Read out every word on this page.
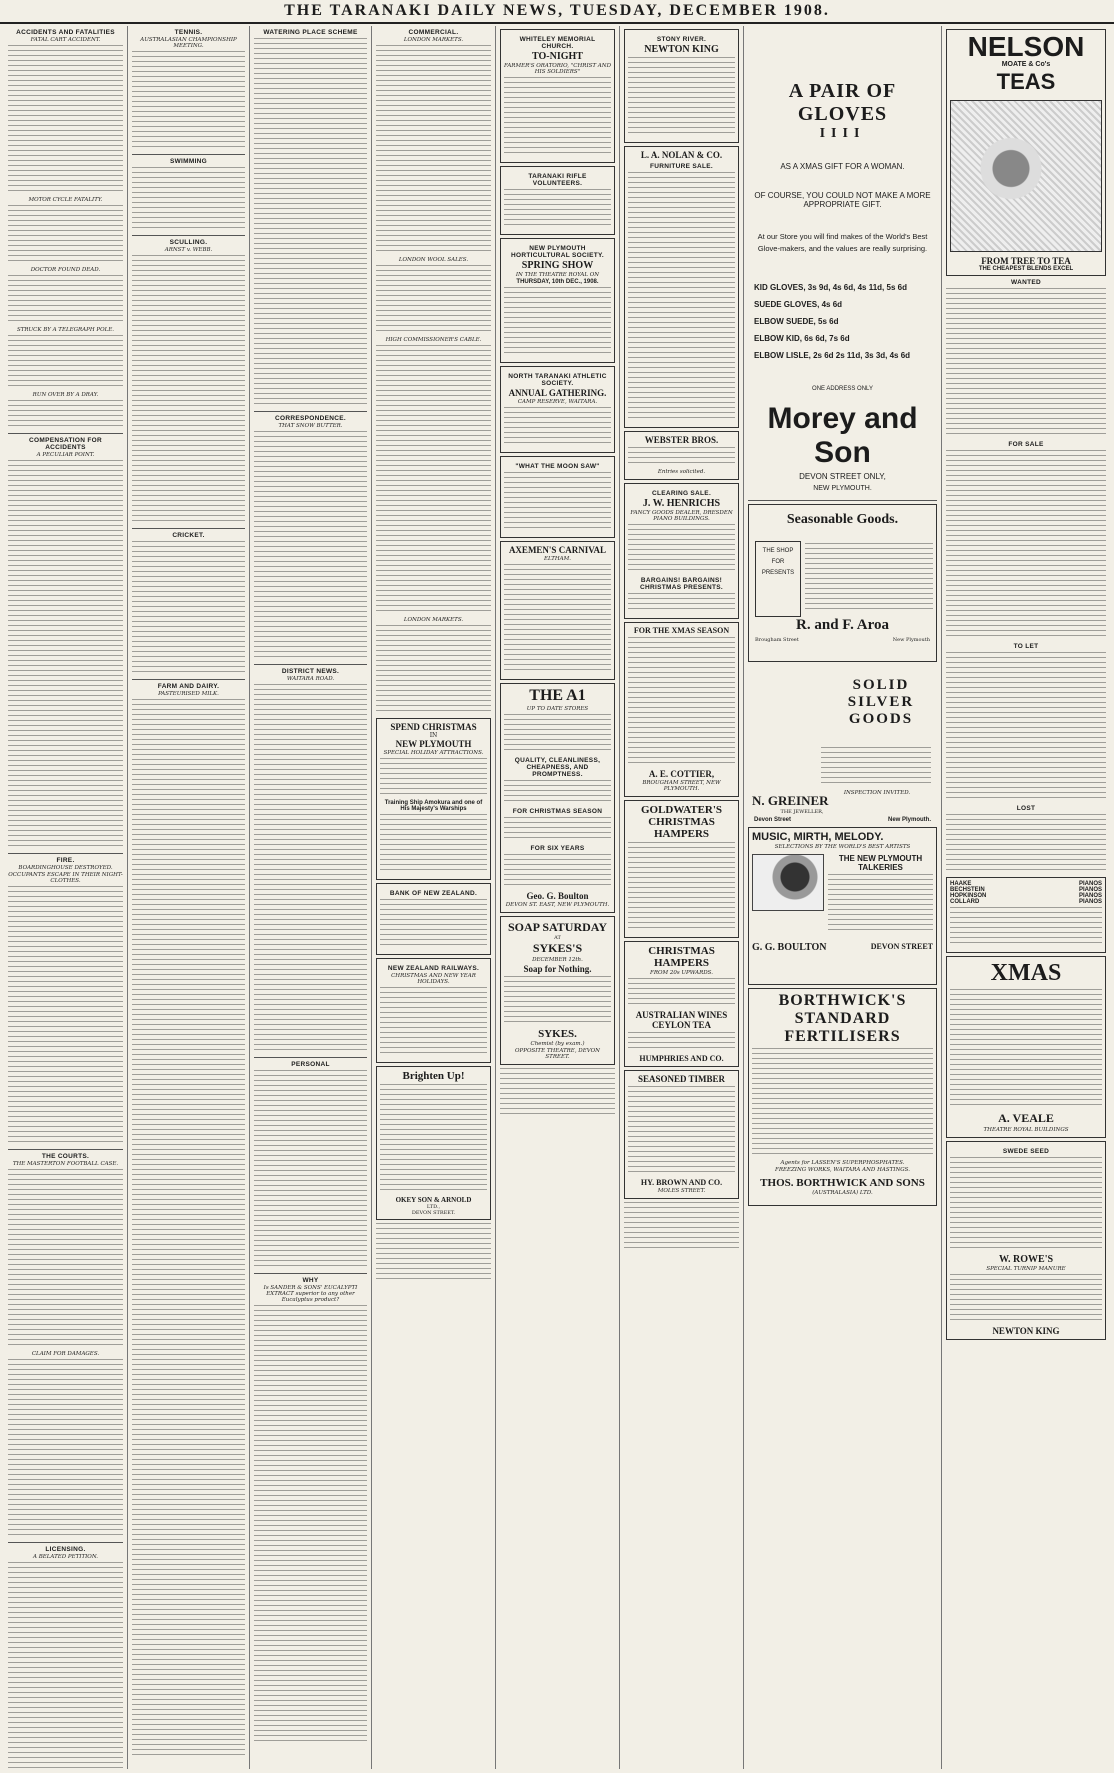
THE TARANAKI DAILY NEWS, TUESDAY, DECEMBER 1908.
ACCIDENTS AND FATALITIES
FATAL CART ACCIDENT.
MOTOR CYCLE FATALITY.
DOCTOR FOUND DEAD.
STRUCK BY A TELEGRAPH POLE.
RUN OVER BY A DRAY.
COMPENSATION FOR ACCIDENTS
A PECULIAR POINT.
FIRE.
BOARDINGHOUSE DESTROYED.
OCCUPANTS ESCAPE IN THEIR NIGHT-CLOTHES.
THE COURTS.
THE MASTERTON FOOTBALL CASE.
CLAIM FOR DAMAGES.
LICENSING.
A BELATED PETITION.
TENNIS.
AUSTRALASIAN CHAMPIONSHIP MEETING.
SWIMMING
SCULLING.
ARNST v. WEBB.
CRICKET.
FARM AND DAIRY.
PASTEURISED MILK.
WATERING PLACE SCHEME
CORRESPONDENCE.
THAT SNOW BUTTER.
DISTRICT NEWS.
WAITARA ROAD.
PERSONAL
WHY
Is SANDER & SONS' EUCALYPTI EXTRACT superior to any other Eucalyptus product?
COMMERCIAL.
LONDON MARKETS.
LONDON WOOL SALES.
HIGH COMMISSIONER'S CABLE.
LONDON MARKETS.
SPEND CHRISTMAS
IN
NEW PLYMOUTH
SPECIAL HOLIDAY ATTRACTIONS.
Training Ship Amokura and one of His Majesty's Warships
BANK OF NEW ZEALAND.
NEW ZEALAND RAILWAYS.
CHRISTMAS AND NEW YEAR HOLIDAYS.
Brighten Up!
OKEY SON & ARNOLD
LTD.,
DEVON STREET.
WHITELEY MEMORIAL CHURCH.
TO-NIGHT
FARMER'S ORATORIO, "CHRIST AND HIS SOLDIERS"
TARANAKI RIFLE VOLUNTEERS.
NEW PLYMOUTH HORTICULTURAL SOCIETY.
SPRING SHOW
IN THE THEATRE ROYAL ON
THURSDAY, 10th DEC., 1908.
NORTH TARANAKI ATHLETIC SOCIETY.
ANNUAL GATHERING.
CAMP RESERVE, WAITARA.
"WHAT THE MOON SAW"
AXEMEN'S CARNIVAL
ELTHAM.
THE A1
UP TO DATE STORES
QUALITY, CLEANLINESS, CHEAPNESS, AND PROMPTNESS.
FOR CHRISTMAS SEASON
FOR SIX YEARS
Geo. G. Boulton
DEVON ST. EAST, NEW PLYMOUTH.
SOAP SATURDAY
AT
SYKES'S
DECEMBER 12th.
Soap for Nothing.
SYKES.
Chemist (by exam.)
OPPOSITE THEATRE, DEVON STREET.
STONY RIVER.
NEWTON KING
L. A. NOLAN & CO.
FURNITURE SALE.
WEBSTER BROS.
Entries solicited.
CLEARING SALE.
J. W. HENRICHS
FANCY GOODS DEALER, DRESDEN PIANO BUILDINGS.
BARGAINS! BARGAINS! CHRISTMAS PRESENTS.
FOR THE XMAS SEASON
A. E. COTTIER,
BROUGHAM STREET, NEW PLYMOUTH.
GOLDWATER'S CHRISTMAS HAMPERS
CHRISTMAS HAMPERS
FROM 20s UPWARDS.
AUSTRALIAN WINES
CEYLON TEA
HUMPHRIES AND CO.
SEASONED TIMBER
HY. BROWN AND CO.
MOLES STREET.
A PAIR OF GLOVES
IIII
AS A XMAS GIFT FOR A WOMAN.
OF COURSE, YOU COULD NOT MAKE A MORE APPROPRIATE GIFT.
At our Store you will find makes of the World's Best Glove-makers, and the values are really surprising.
KID GLOVES, 3s 9d, 4s 6d, 4s 11d, 5s 6d
SUEDE GLOVES, 4s 6d
ELBOW SUEDE, 5s 6d
ELBOW KID, 6s 6d, 7s 6d
ELBOW LISLE, 2s 6d 2s 11d, 3s 3d, 4s 6d
ONE ADDRESS ONLY
Morey and Son
DEVON STREET ONLY,
NEW PLYMOUTH.
Seasonable Goods.
THE SHOP FOR PRESENTS
R. and F. Aroa
Brougham Street	New Plymouth
SOLID SILVER GOODS
INSPECTION INVITED.
N. GREINER
THE JEWELLER,
Devon Street	New Plymouth.
MUSIC, MIRTH, MELODY.
SELECTIONS BY THE WORLD'S BEST ARTISTS
THE NEW PLYMOUTH TALKERIES
G. G. BOULTON	DEVON STREET
BORTHWICK'S STANDARD FERTILISERS
Agents for LASSEN'S SUPERPHOSPHATES.
FREEZING WORKS, WAITARA AND HASTINGS.
THOS. BORTHWICK AND SONS
(AUSTRALASIA) LTD.
NELSON
MOATE & Co's
TEAS
FROM TREE TO TEA
THE CHEAPEST BLENDS EXCEL
WANTED
FOR SALE
TO LET
LOST
HAAKE	PIANOS
BECHSTEIN	PIANOS
HOPKINSON	PIANOS
COLLARD	PIANOS
XMAS
A. VEALE
THEATRE ROYAL BUILDINGS
SWEDE SEED
W. ROWE'S
SPECIAL TURNIP MANURE
NEWTON KING
